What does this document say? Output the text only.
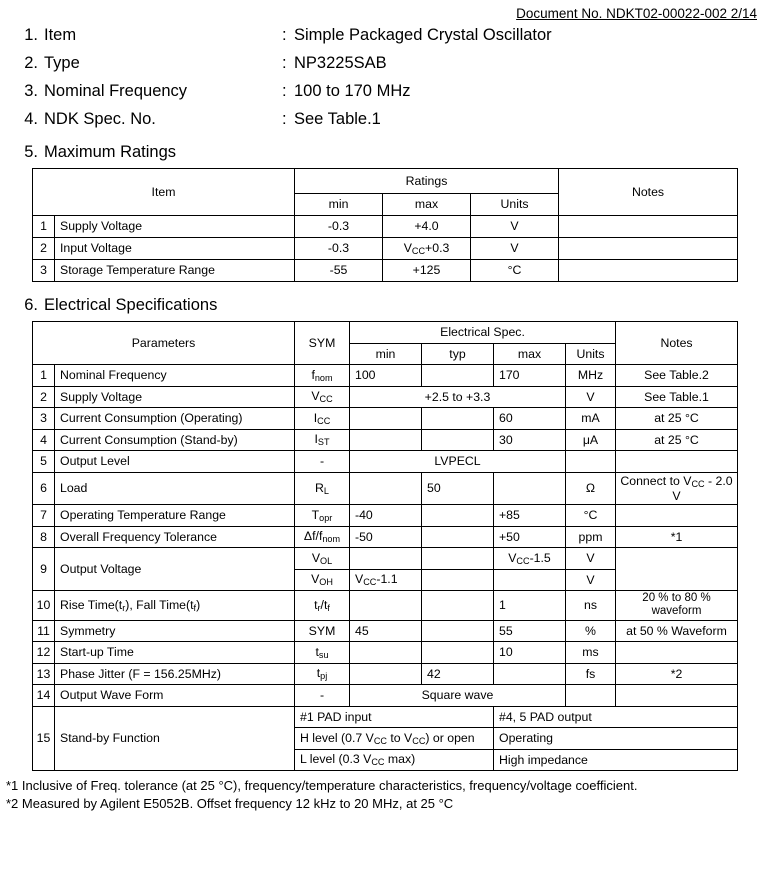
Document No. NDKT02-00022-002 2/14
1. Item	: Simple Packaged Crystal Oscillator
2. Type	: NP3225SAB
3. Nominal Frequency	: 100 to 170 MHz
4. NDK Spec. No.	: See Table.1
5. Maximum Ratings
Item		Ratings			Notes
		min	max	Units	
1	Supply Voltage	-0.3	+4.0	V	
2	Input Voltage	-0.3	$V_{CC}+0.3$	V	
3	Storage Temperature Range	-55	+125	°C	
6. Electrical Specifications
Parameters		SYM	Electrical Spec.				Notes
			min	typ	max	Units	
1	Nominal Frequency	$f_{nom}$	100		170	MHz	See Table.2
2	Supply Voltage	$V_{CC}$	+2.5 to +3.3			V	See Table.1
3	Current Consumption (Operating)	$I_{CC}$			60	mA	at 25 °C
4	Current Consumption (Stand-by)	$I_{ST}$			30	μA	at 25 °C
5	Output Level	-	LVPECL				
6	Load	$R_L$		50		Ω	Connect to $V_{CC} - 2.0$ V
7	Operating Temperature Range	$T_{opr}$	-40		+85	°C	
8	Overall Frequency Tolerance	$\Delta f/f_{nom}$	-50		+50	ppm	*1
9	Output Voltage	$V_{OL}$			$V_{CC}-1.5$	V	
		$V_{OH}$	$V_{CC}-1.1$			V	
10	Rise $Time(t_r)$, Fall $Time(t_f)$	$t_r/t_f$			1	ns	20 % to 80 % waveform
11	Symmetry	SYM	45		55	%	at 50 % Waveform
12	Start-up Time	$t_{su}$			10	ms	
13	Phase Jitter (F = 156.25MHz)	$t_{pj}$		42		fs	*2
14	Output Wave Form	-	Square wave				
15	Stand-by Function	#1 PAD input			#4, 5 PAD output		
		H level (0.7 $V_{CC}$ to $V_{CC}$) or open			Operating		
		L level (0.3 $V_{CC}$ max)			High impedance		
*1 Inclusive of Freq. tolerance (at 25 °C), frequency/temperature characteristics, frequency/voltage coefficient.
*2 Measured by Agilent E5052B. Offset frequency 12 kHz to 20 MHz, at 25 °C
